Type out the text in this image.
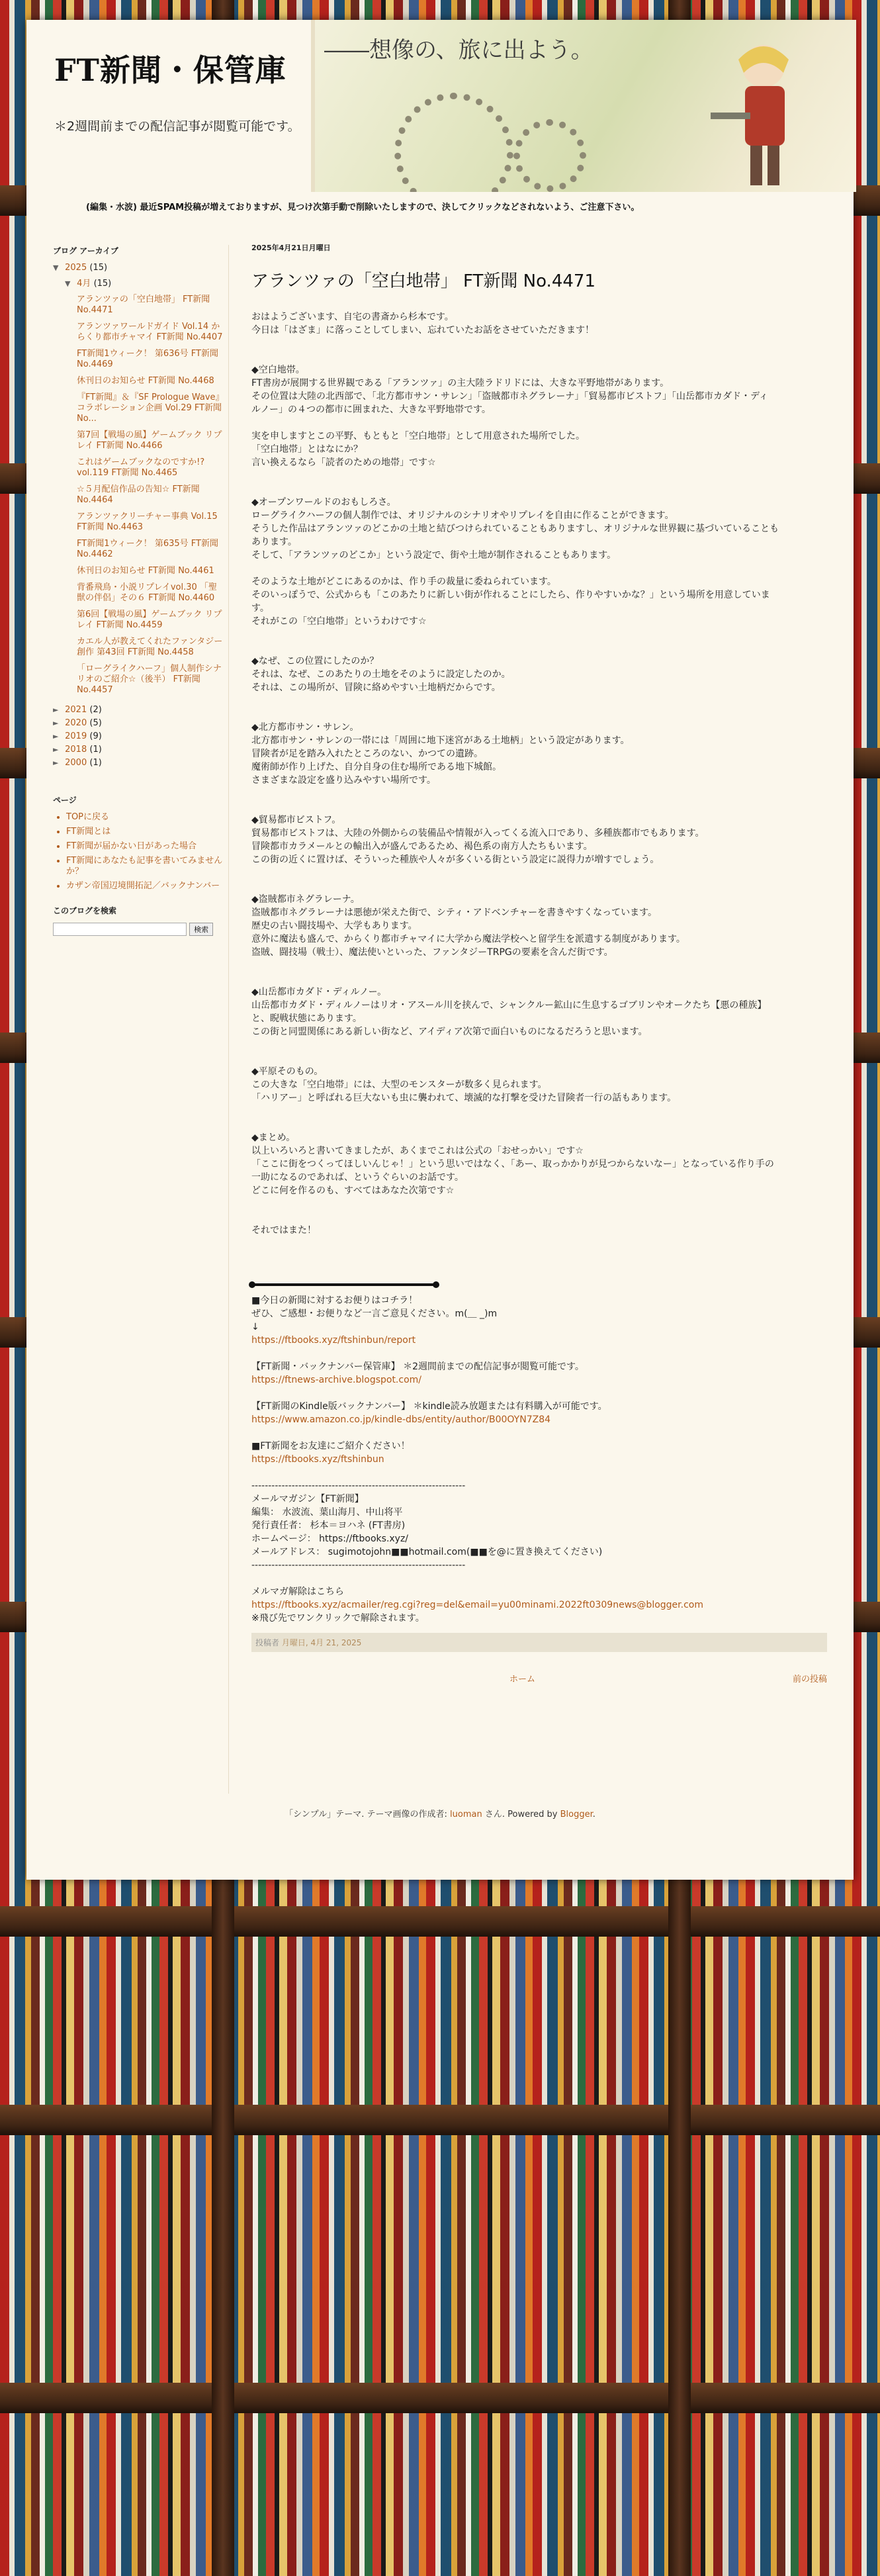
FT新聞・保管庫
＊2週間前までの配信記事が閲覧可能です。
――想像の、旅に出よう。
(編集・水波) 最近SPAM投稿が増えておりますが、見つけ次第手動で削除いたしますので、決してクリックなどされないよう、ご注意下さい。
ブログ アーカイブ
▼ 2025 (15)
▼ 4月 (15)
アランツァの「空白地帯」 FT新聞 No.4471
アランツァワールドガイド Vol.14 からくり都市チャマイ FT新聞 No.4407
FT新聞1ウィーク！ 第636号 FT新聞 No.4469
休刊日のお知らせ FT新聞 No.4468
『FT新聞』＆『SF Prologue Wave』コラボレーション企画 Vol.29 FT新聞 No...
第7回【戦場の風】ゲームブック リプレイ FT新聞 No.4466
これはゲームブックなのですか!? vol.119 FT新聞 No.4465
☆５月配信作品の告知☆ FT新聞 No.4464
アランツァクリーチャー事典 Vol.15 FT新聞 No.4463
FT新聞1ウィーク！ 第635号 FT新聞 No.4462
休刊日のお知らせ FT新聞 No.4461
背番飛鳥・小説リプレイvol.30 「聖獣の伴侶」その６ FT新聞 No.4460
第6回【戦場の風】ゲームブック リプレイ FT新聞 No.4459
カエル人が教えてくれたファンタジー創作 第43回 FT新聞 No.4458
「ローグライクハーフ」個人制作シナリオのご紹介☆（後半） FT新聞 No.4457
► 2021 (2)
► 2020 (5)
► 2019 (9)
► 2018 (1)
► 2000 (1)
ページ
• TOPに戻る
• FT新聞とは
• FT新聞が届かない日があった場合
• FT新聞にあなたも記事を書いてみませんか？
• カザン帝国辺境開拓記／バックナンバー
このブログを検索
検索
2025年4月21日月曜日
アランツァの「空白地帯」 FT新聞 No.4471

おはようございます、自宅の書斎から杉本です。

今日は「はざま」に落っことしてしまい、忘れていたお話をさせていただきます！

◆空白地帯。

FT書房が展開する世界観である「アランツァ」の主大陸ラドリドには、大きな平野地帯があります。

その位置は大陸の北西部で、「北方都市サン・サレン」「盗賊都市ネグラレーナ」「貿易都市ビストフ」「山岳都市カダド・ディ

ルノー」の４つの都市に囲まれた、大きな平野地帯です。

実を申しますとこの平野、もともと「空白地帯」として用意された場所でした。

「空白地帯」とはなにか？

言い換えるなら「読者のための地帯」です☆

◆オープンワールドのおもしろさ。

ローグライクハーフの個人制作では、オリジナルのシナリオやリプレイを自由に作ることができます。

そうした作品はアランツァのどこかの土地と結びつけられていることもありますし、オリジナルな世界観に基づいていることも

あります。

そして、「アランツァのどこか」という設定で、街や土地が制作されることもあります。

そのような土地がどこにあるのかは、作り手の裁量に委ねられています。

そのいっぽうで、公式からも「このあたりに新しい街が作れることにしたら、作りやすいかな？」という場所を用意していま

す。

それがこの「空白地帯」というわけです☆

◆なぜ、この位置にしたのか？

それは、なぜ、このあたりの土地をそのように設定したのか。

それは、この場所が、冒険に絡めやすい土地柄だからです。

◆北方都市サン・サレン。

北方都市サン・サレンの一帯には「周囲に地下迷宮がある土地柄」という設定があります。

冒険者が足を踏み入れたところのない、かつての遺跡。

魔術師が作り上げた、自分自身の住む場所である地下城館。

さまざまな設定を盛り込みやすい場所です。

◆貿易都市ビストフ。

貿易都市ビストフは、大陸の外側からの装備品や情報が入ってくる流入口であり、多種族都市でもあります。

冒険都市カラメールとの輸出入が盛んであるため、褐色系の南方人たちもいます。

この街の近くに置けば、そういった種族や人々が多くいる街という設定に説得力が増すでしょう。

◆盗賊都市ネグラレーナ。

盗賊都市ネグラレーナは悪徳が栄えた街で、シティ・アドベンチャーを書きやすくなっています。

歴史の古い闘技場や、大学もあります。

意外に魔法も盛んで、からくり都市チャマイに大学から魔法学校へと留学生を派遣する制度があります。

盗賊、闘技場（戦士）、魔法使いといった、ファンタジーTRPGの要素を含んだ街です。

◆山岳都市カダド・ディルノー。

山岳都市カダド・ディルノーはリオ・アスール川を挟んで、シャンクルー鉱山に生息するゴブリンやオークたち【悪の種族】

と、睨戦状態にあります。

この街と同盟関係にある新しい街など、アイディア次第で面白いものになるだろうと思います。

◆平原そのもの。

この大きな「空白地帯」には、大型のモンスターが数多く見られます。

「ハリアー」と呼ばれる巨大ないも虫に襲われて、壊滅的な打撃を受けた冒険者一行の話もあります。

◆まとめ。

以上いろいろと書いてきましたが、あくまでこれは公式の「おせっかい」です☆

「ここに街をつくってほしいんじゃ！」という思いではなく、「あー、取っかかりが見つからないなー」となっている作り手の

一助になるのであれば、というぐらいのお話です。

どこに何を作るのも、すべてはあなた次第です☆

それではまた！

■今日の新聞に対するお便りはコチラ！

ぜひ、ご感想・お便りなど一言ご意見ください。m(＿ _)m

↓

https://ftbooks.xyz/ftshinbun/report

【FT新聞・バックナンバー保管庫】 ＊2週間前までの配信記事が閲覧可能です。

https://ftnews-archive.blogspot.com/

【FT新聞のKindle版バックナンバー】 ＊kindle読み放題または有料購入が可能です。

https://www.amazon.co.jp/kindle-dbs/entity/author/B00OYN7Z84

■FT新聞をお友達にご紹介ください！

https://ftbooks.xyz/ftshinbun

----------------------------------------------------------------

メールマガジン【FT新聞】

編集： 水波流、葉山海月、中山将平

発行責任者： 杉本＝ヨハネ (FT書房)

ホームページ： https://ftbooks.xyz/

メールアドレス： sugimotojohn■■hotmail.com(■■を@に置き換えてください)

----------------------------------------------------------------

メルマガ解除はこちら

https://ftbooks.xyz/acmailer/reg.cgi?reg=del&email=yu00minami.2022ft0309news@blogger.com

※飛び先でワンクリックで解除されます。

投稿者 月曜日, 4月 21, 2025
ホーム	前の投稿
「シンプル」テーマ. テーマ画像の作成者: luoman さん. Powered by Blogger.
